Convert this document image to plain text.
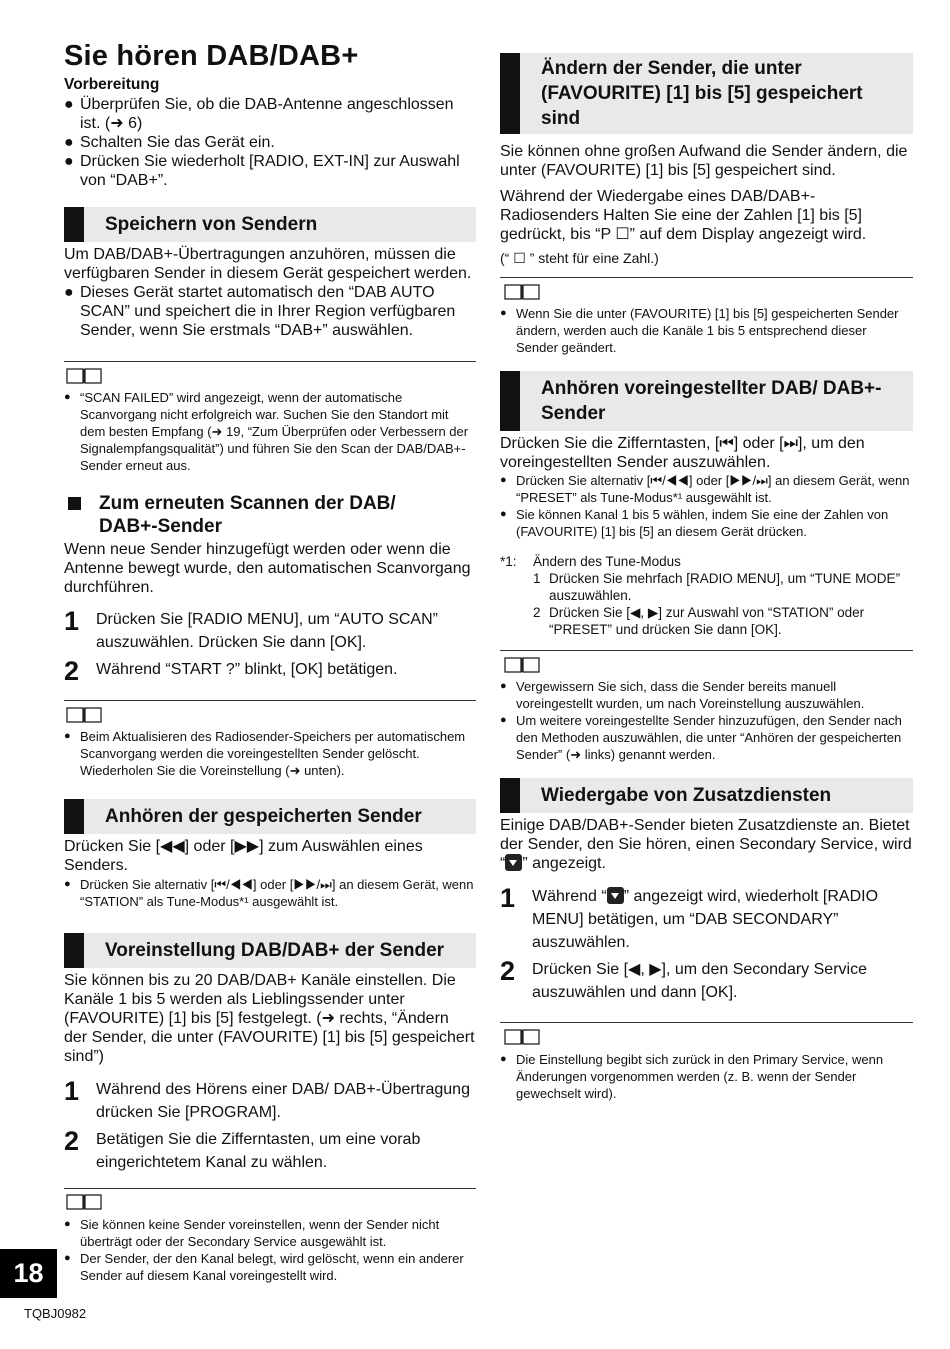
Sie hören DAB/DAB+
Vorbereitung
● Überprüfen Sie, ob die DAB-Antenne angeschlossen ist. (➜ 6)
● Schalten Sie das Gerät ein.
● Drücken Sie wiederholt [RADIO, EXT-IN] zur Auswahl von “DAB+”.
Speichern von Sendern
Um DAB/DAB+-Übertragungen anzuhören, müssen die verfügbaren Sender in diesem Gerät gespeichert werden.
● Dieses Gerät startet automatisch den “DAB AUTO SCAN” und speichert die in Ihrer Region verfügbaren Sender, wenn Sie erstmals “DAB+” auswählen.
● “SCAN FAILED” wird angezeigt, wenn der automatische Scanvorgang nicht erfolgreich war. Suchen Sie den Standort mit dem besten Empfang (➜ 19, “Zum Überprüfen oder Verbessern der Signalempfangsqualität”) und führen Sie den Scan der DAB/DAB+-Sender erneut aus.
Zum erneuten Scannen der DAB/ DAB+-Sender
Wenn neue Sender hinzugefügt werden oder wenn die Antenne bewegt wurde, den automatischen Scanvorgang durchführen.
1	Drücken Sie [RADIO MENU], um “AUTO SCAN” auszuwählen. Drücken Sie dann [OK].
2	Während “START ?” blinkt, [OK] betätigen.
● Beim Aktualisieren des Radiosender-Speichers per automatischem Scanvorgang werden die voreingestellten Sender gelöscht. Wiederholen Sie die Voreinstellung (➜ unten).
Anhören der gespeicherten Sender
Drücken Sie [◀◀] oder [▶▶] zum Auswählen eines Senders.
● Drücken Sie alternativ [⏮/◀◀] oder [▶▶/⏭] an diesem Gerät, wenn “STATION” als Tune-Modus*¹ ausgewählt ist.
Voreinstellung DAB/DAB+ der Sender
Sie können bis zu 20 DAB/DAB+ Kanäle einstellen. Die Kanäle 1 bis 5 werden als Lieblingssender unter (FAVOURITE) [1] bis [5] festgelegt. (➜ rechts, “Ändern der Sender, die unter (FAVOURITE) [1] bis [5] gespeichert sind”)
1	Während des Hörens einer DAB/ DAB+-Übertragung drücken Sie [PROGRAM].
2	Betätigen Sie die Zifferntasten, um eine vorab eingerichtetem Kanal zu wählen.
● Sie können keine Sender voreinstellen, wenn der Sender nicht überträgt oder der Secondary Service ausgewählt ist.
● Der Sender, der den Kanal belegt, wird gelöscht, wenn ein anderer Sender auf diesem Kanal voreingestellt wird.
Ändern der Sender, die unter (FAVOURITE) [1] bis [5] gespeichert sind
Sie können ohne großen Aufwand die Sender ändern, die unter (FAVOURITE) [1] bis [5] gespeichert sind.
Während der Wiedergabe eines DAB/DAB+-Radiosenders Halten Sie eine der Zahlen [1] bis [5] gedrückt, bis “P ☐” auf dem Display angezeigt wird.
(“ ☐ ” steht für eine Zahl.)
● Wenn Sie die unter (FAVOURITE) [1] bis [5] gespeicherten Sender ändern, werden auch die Kanäle 1 bis 5 entsprechend dieser Sender geändert.
Anhören voreingestellter DAB/ DAB+-Sender
Drücken Sie die Zifferntasten, [⏮] oder [⏭], um den voreingestellten Sender auszuwählen.
● Drücken Sie alternativ [⏮/◀◀] oder [▶▶/⏭] an diesem Gerät, wenn “PRESET” als Tune-Modus*¹ ausgewählt ist.
● Sie können Kanal 1 bis 5 wählen, indem Sie eine der Zahlen von (FAVOURITE) [1] bis [5] an diesem Gerät drücken.
*1:	Ändern des Tune-Modus
1 Drücken Sie mehrfach [RADIO MENU], um “TUNE MODE” auszuwählen.
2 Drücken Sie [◀, ▶] zur Auswahl von “STATION” oder “PRESET” und drücken Sie dann [OK].
● Vergewissern Sie sich, dass die Sender bereits manuell voreingestellt wurden, um nach Voreinstellung auszuwählen.
● Um weitere voreingestellte Sender hinzuzufügen, den Sender nach den Methoden auszuwählen, die unter “Anhören der gespeicherten Sender” (➜ links) genannt werden.
Wiedergabe von Zusatzdiensten
Einige DAB/DAB+-Sender bieten Zusatzdienste an. Bietet der Sender, den Sie hören, einen Secondary Service, wird “ ” angezeigt.
1	Während “ ” angezeigt wird, wiederholt [RADIO MENU] betätigen, um “DAB SECONDARY” auszuwählen.
2	Drücken Sie [◀, ▶], um den Secondary Service auszuwählen und dann [OK].
● Die Einstellung begibt sich zurück in den Primary Service, wenn Änderungen vorgenommen werden (z. B. wenn der Sender gewechselt wird).
18
TQBJ0982
